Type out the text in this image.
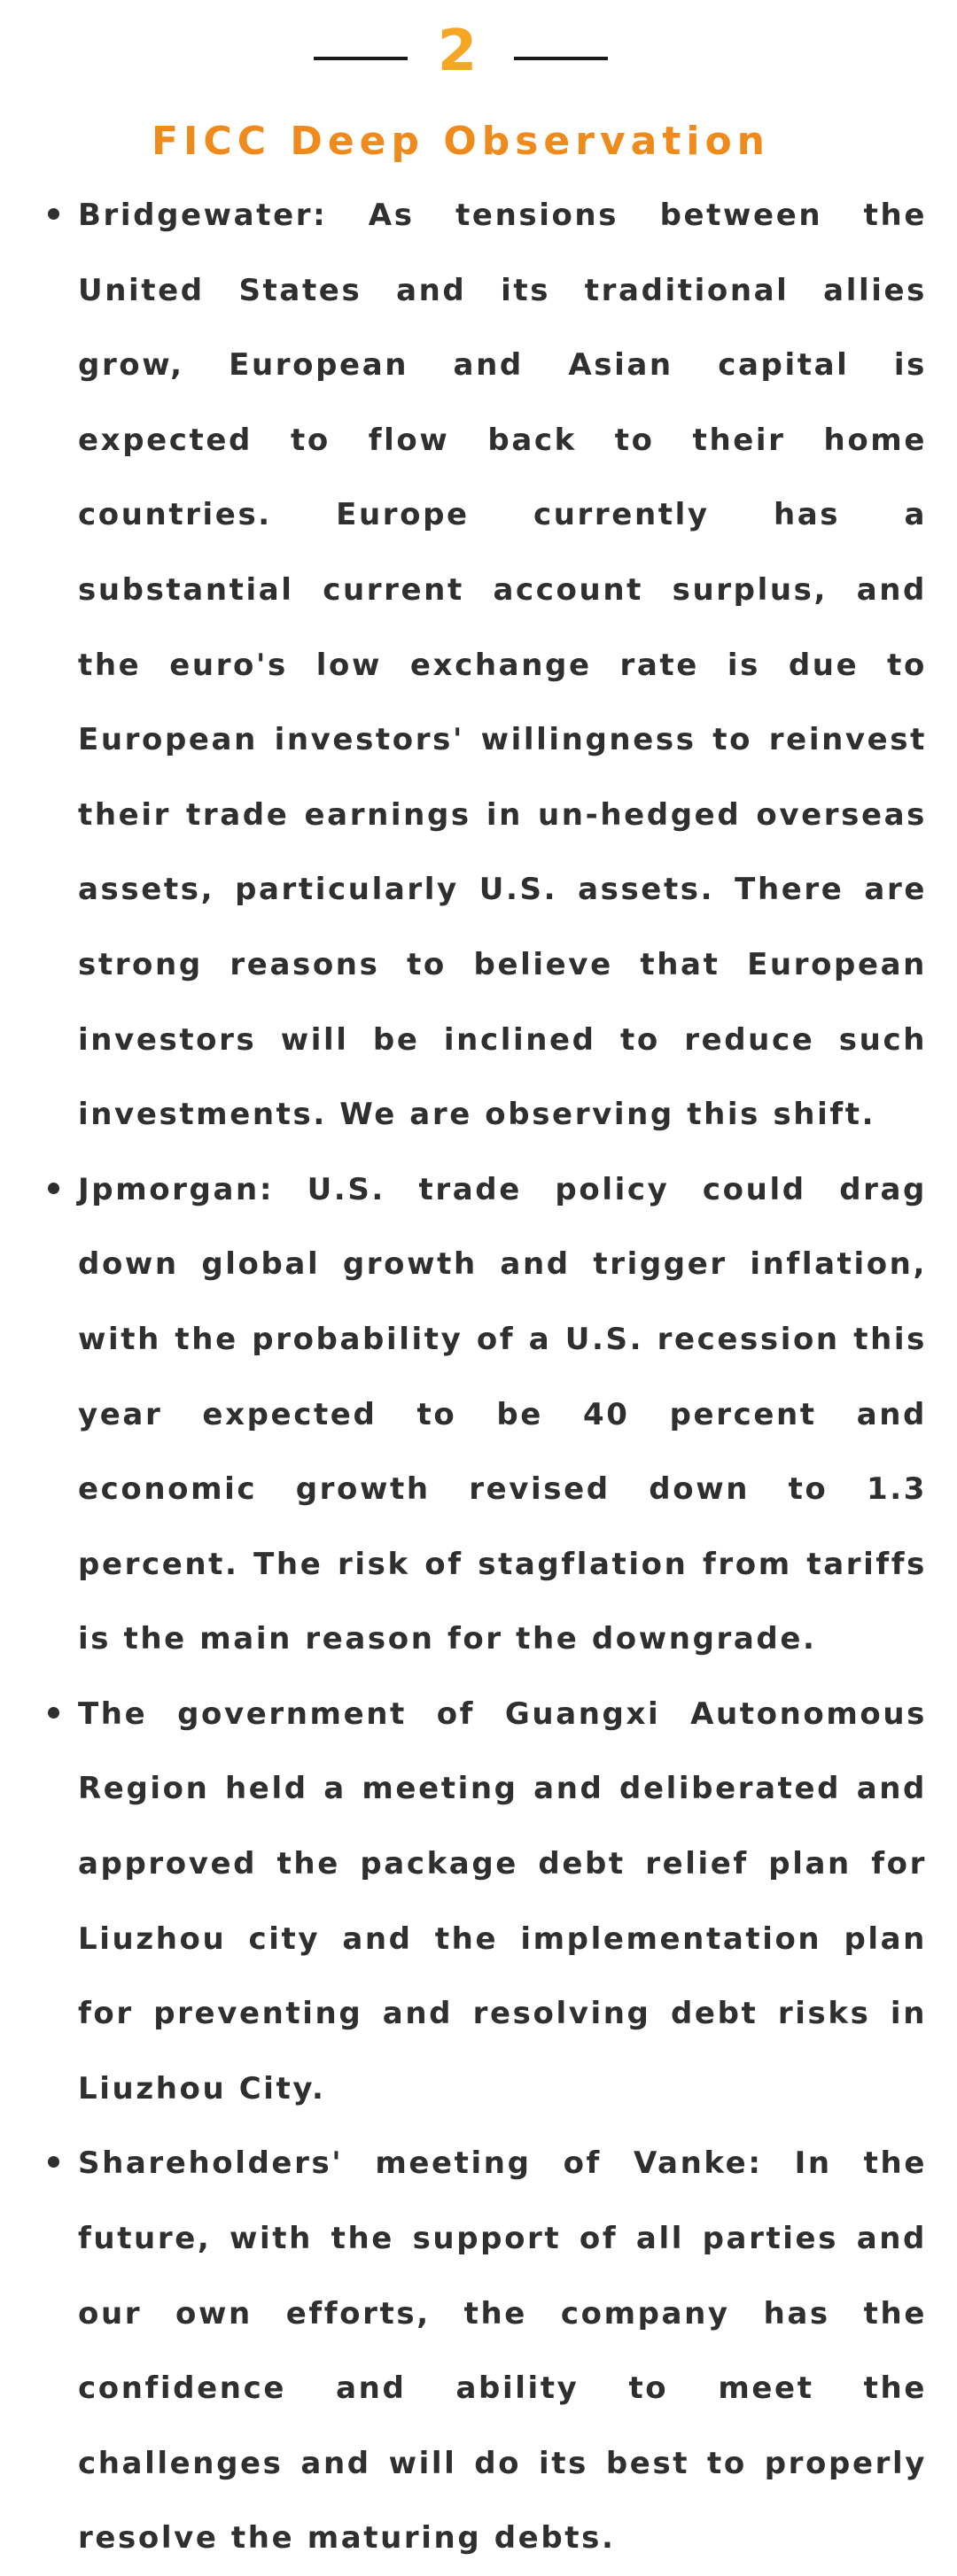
2
FICC Deep Observation
Bridgewater: As tensions between the United States and its traditional allies grow, European and Asian capital is expected to flow back to their home countries. Europe currently has a substantial current account surplus, and the euro's low exchange rate is due to European investors' willingness to reinvest their trade earnings in un-hedged overseas assets, particularly U.S. assets. There are strong reasons to believe that European investors will be inclined to reduce such investments. We are observing this shift.
Jpmorgan: U.S. trade policy could drag down global growth and trigger inflation, with the probability of a U.S. recession this year expected to be 40 percent and economic growth revised down to 1.3 percent. The risk of stagflation from tariffs is the main reason for the downgrade.
The government of Guangxi Autonomous Region held a meeting and deliberated and approved the package debt relief plan for Liuzhou city and the implementation plan for preventing and resolving debt risks in Liuzhou City.
Shareholders' meeting of Vanke: In the future, with the support of all parties and our own efforts, the company has the confidence and ability to meet the challenges and will do its best to properly resolve the maturing debts.
